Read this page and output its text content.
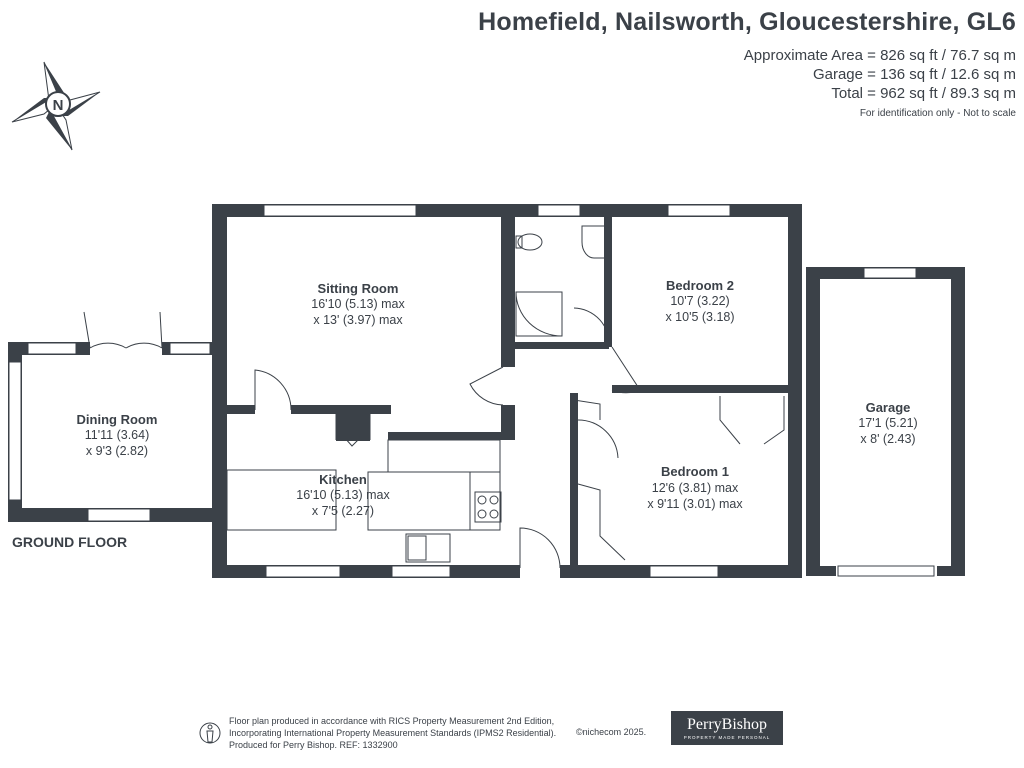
Homefield, Nailsworth, Gloucestershire, GL6
Approximate Area = 826 sq ft / 76.7 sq m
Garage = 136 sq ft / 12.6 sq m
Total = 962 sq ft / 89.3 sq m
For identification only - Not to scale
N
Sitting Room
16'10 (5.13) max
x 13' (3.97) max
Bedroom 2
10'7 (3.22)
x 10'5 (3.18)
Garage
17'1 (5.21)
x 8' (2.43)
Dining Room
11'11 (3.64)
x 9'3 (2.82)
Kitchen
16'10 (5.13) max
x 7'5 (2.27)
Bedroom 1
12'6 (3.81) max
x 9'11 (3.01) max
GROUND FLOOR
Floor plan produced in accordance with RICS Property Measurement 2nd Edition,
Incorporating International Property Measurement Standards (IPMS2 Residential).
Produced for Perry Bishop. REF: 1332900
©nichecom 2025.	PerryBishop
PROPERTY MADE PERSONAL
